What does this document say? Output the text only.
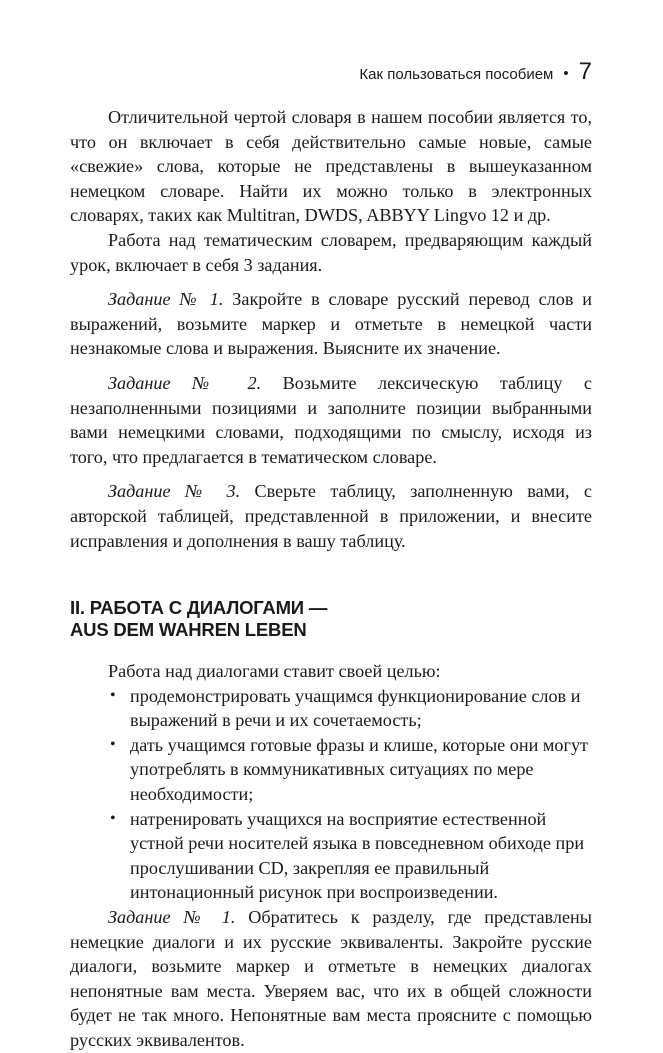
Как пользоваться пособием • 7

Отличительной чертой словаря в нашем пособии является то, что он включает в себя действительно самые новые, самые «свежие» слова, которые не представлены в вышеуказанном немецком словаре. Найти их можно только в электронных словарях, таких как Multitran, DWDS, ABBYY Lingvo 12 и др.

Работа над тематическим словарем, предваряющим каждый урок, включает в себя 3 задания.

Задание № 1. Закройте в словаре русский перевод слов и выражений, возьмите маркер и отметьте в немецкой части незнакомые слова и выражения. Выясните их значение.

Задание № 2. Возьмите лексическую таблицу с незаполненными позициями и заполните позиции выбранными вами немецкими словами, подходящими по смыслу, исходя из того, что предлагается в тематическом словаре.

Задание № 3. Сверьте таблицу, заполненную вами, с авторской таблицей, представленной в приложении, и внесите исправления и дополнения в вашу таблицу.

II. РАБОТА С ДИАЛОГАМИ —
AUS DEM WAHREN LEBEN

Работа над диалогами ставит своей целью:

• продемонстрировать учащимся функционирование слов и выражений в речи и их сочетаемость;
• дать учащимся готовые фразы и клише, которые они могут употреблять в коммуникативных ситуациях по мере необходимости;
• натренировать учащихся на восприятие естественной устной речи носителей языка в повседневном обиходе при прослушивании CD, закрепляя ее правильный интонационный рисунок при воспроизведении.

Задание № 1. Обратитесь к разделу, где представлены немецкие диалоги и их русские эквиваленты. Закройте русские диалоги, возьмите маркер и отметьте в немецких диалогах непонятные вам места. Уверяем вас, что их в общей сложности будет не так много. Непонятные вам места проясните с помощью русских эквивалентов.
